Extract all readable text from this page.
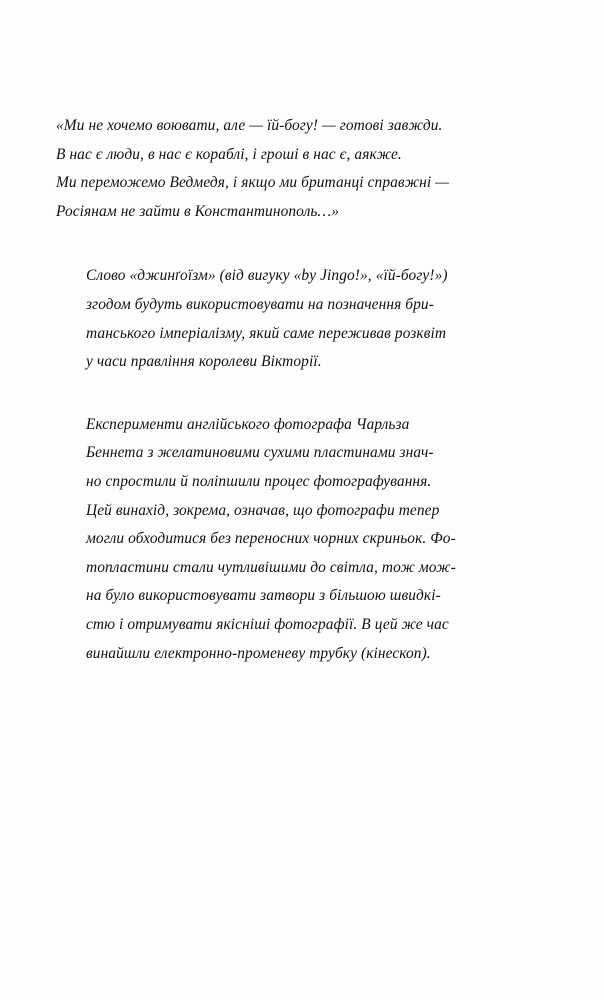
«Ми не хочемо воювати, але — їй-богу! — готові завжди.
В нас є люди, в нас є кораблі, і гроші в нас є, аякже.
Ми переможемо Ведмедя, і якщо ми британці справжні —
Росіянам не зайти в Константинополь…»
Слово «джинґоїзм» (від вигуку «by Jingo!», «їй-богу!»)
згодом будуть використовувати на позначення бри-
танського імперіалізму, який саме переживав розквіт
у часи правління королеви Вікторії.
Експерименти англійського фотографа Чарльза
Беннета з желатиновими сухими пластинами знач-
но спростили й поліпшили процес фотографування.
Цей винахід, зокрема, означав, що фотографи тепер
могли обходитися без переносних чорних скриньок. Фо-
топластини стали чутливішими до світла, тож мож-
на було використовувати затвори з більшою швидкі-
стю і отримувати якісніші фотографії. В цей же час
винайшли електронно-променеву трубку (кінескоп).
